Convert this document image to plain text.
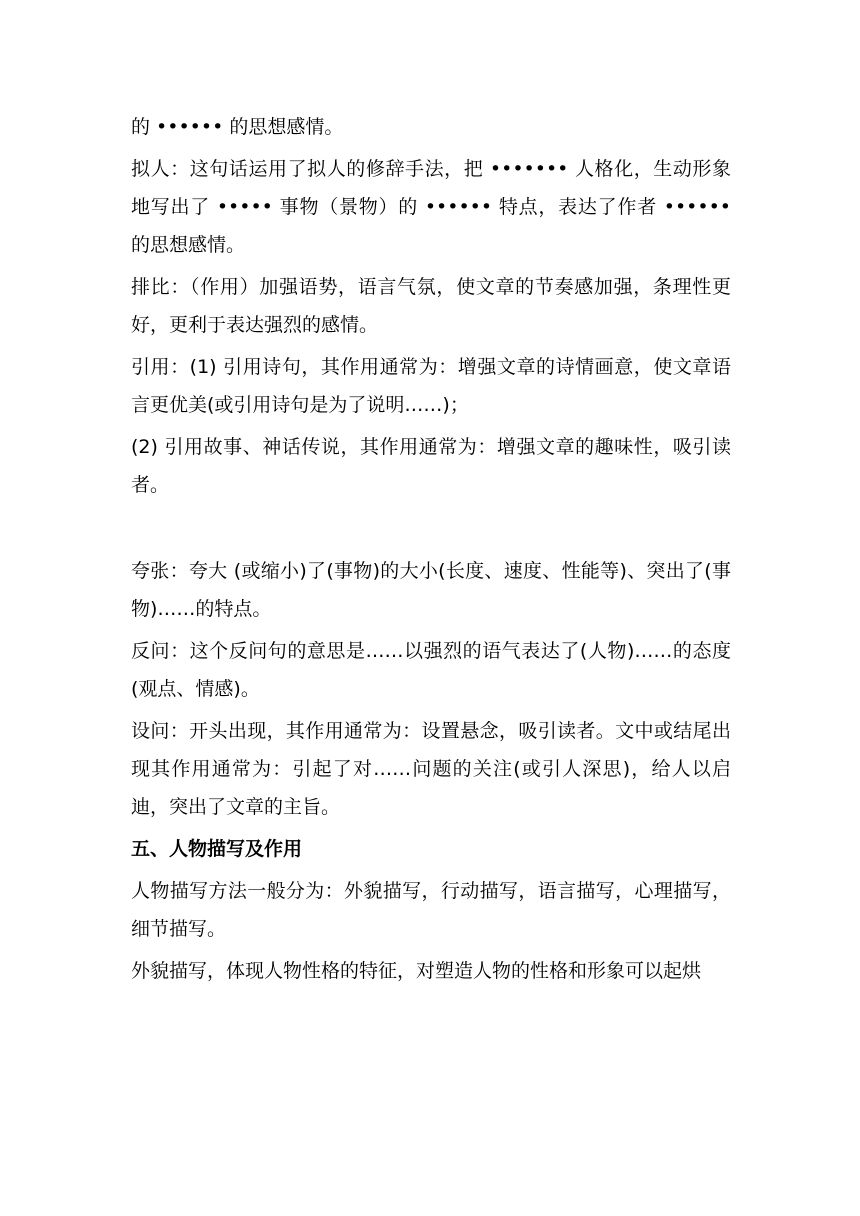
的 •••••• 的思想感情。

拟人：这句话运用了拟人的修辞手法，把 ••••••• 人格化，生动形象地写出了 ••••• 事物（景物）的 •••••• 特点，表达了作者 •••••• 的思想感情。

排比：（作用）加强语势，语言气氛，使文章的节奏感加强，条理性更好，更利于表达强烈的感情。

引用：(1) 引用诗句，其作用通常为：增强文章的诗情画意，使文章语言更优美(或引用诗句是为了说明……)；

(2) 引用故事、神话传说，其作用通常为：增强文章的趣味性，吸引读者。

夸张：夸大 (或缩小)了(事物)的大小(长度、速度、性能等)、突出了(事物)……的特点。

反问：这个反问句的意思是……以强烈的语气表达了(人物)……的态度(观点、情感)。

设问：开头出现，其作用通常为：设置悬念，吸引读者。文中或结尾出现其作用通常为：引起了对……问题的关注(或引人深思)，给人以启迪，突出了文章的主旨。

五、人物描写及作用

人物描写方法一般分为：外貌描写，行动描写，语言描写，心理描写，细节描写。

外貌描写，体现人物性格的特征，对塑造人物的性格和形象可以起烘
